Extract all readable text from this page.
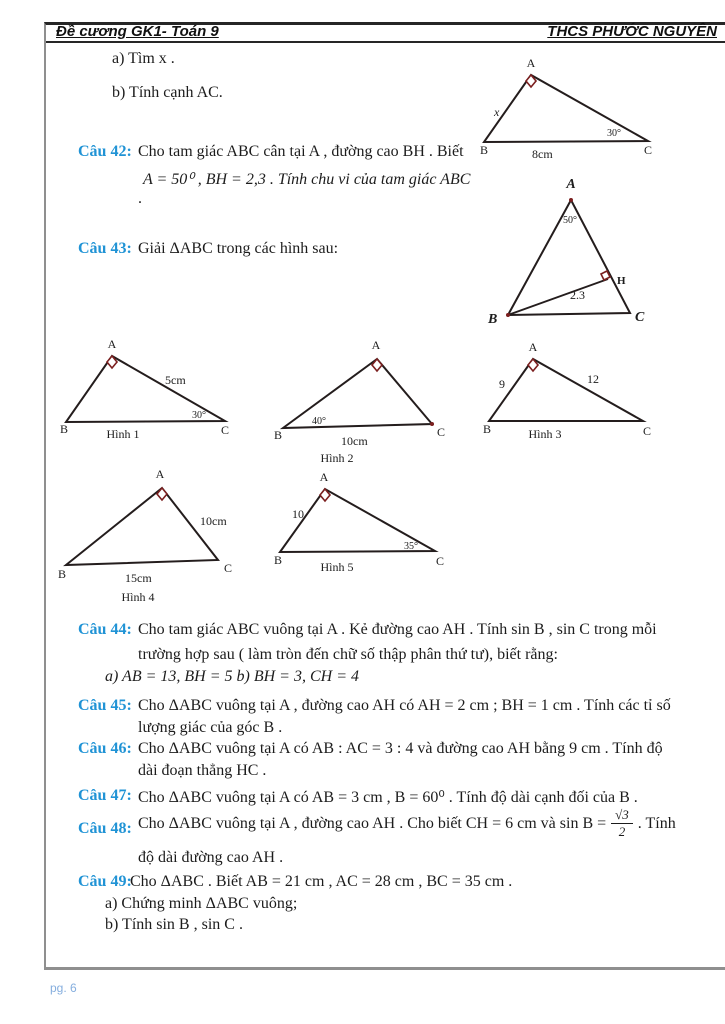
Đề cương GK1- Toán 9	THCS PHƯỚC NGUYÊN
a) Tìm x .
b) Tính cạnh AC.
A
B	C
x
30°
8cm
Câu 42: Cho tam giác ABC cân tại A , đường cao BH . Biết
A = 50⁰ , BH = 2,3 . Tính chu vi của tam giác ABC
.
A
B	C
H
50°
2.3
Câu 43: Giải ΔABC trong các hình sau:
A
B	C
5cm
30°
Hình 1
A
B	C
40°
10cm
Hình 2
A
B	C
9	12
Hình 3
A
B	C
10cm
15cm
Hình 4
A
B	C
10
35°
Hình 5
Câu 44: Cho tam giác ABC vuông tại A . Kẻ đường cao AH . Tính sin B , sin C trong mỗi
trường hợp sau ( làm tròn đến chữ số thập phân thứ tư), biết rằng:
a) AB = 13, BH = 5 b) BH = 3, CH = 4
Câu 45: Cho ΔABC vuông tại A , đường cao AH có AH = 2 cm ; BH = 1 cm . Tính các tỉ số
lượng giác của góc B .
Câu 46: Cho ΔABC vuông tại A có AB : AC = 3 : 4 và đường cao AH bằng 9 cm . Tính độ
dài đoạn thẳng HC .
Câu 47: Cho ΔABC vuông tại A có AB = 3 cm , B = 60⁰ . Tính độ dài cạnh đối của B .
Câu 48: Cho ΔABC vuông tại A , đường cao AH . Cho biết CH = 6 cm và $\sin B = \frac{√3}{2}$ . Tính
độ dài đường cao AH .
Câu 49:
Cho ΔABC . Biết AB = 21 cm , AC = 28 cm , BC = 35 cm .
a) Chứng minh ΔABC vuông;
b) Tính sin B , sin C .
pg. 6
